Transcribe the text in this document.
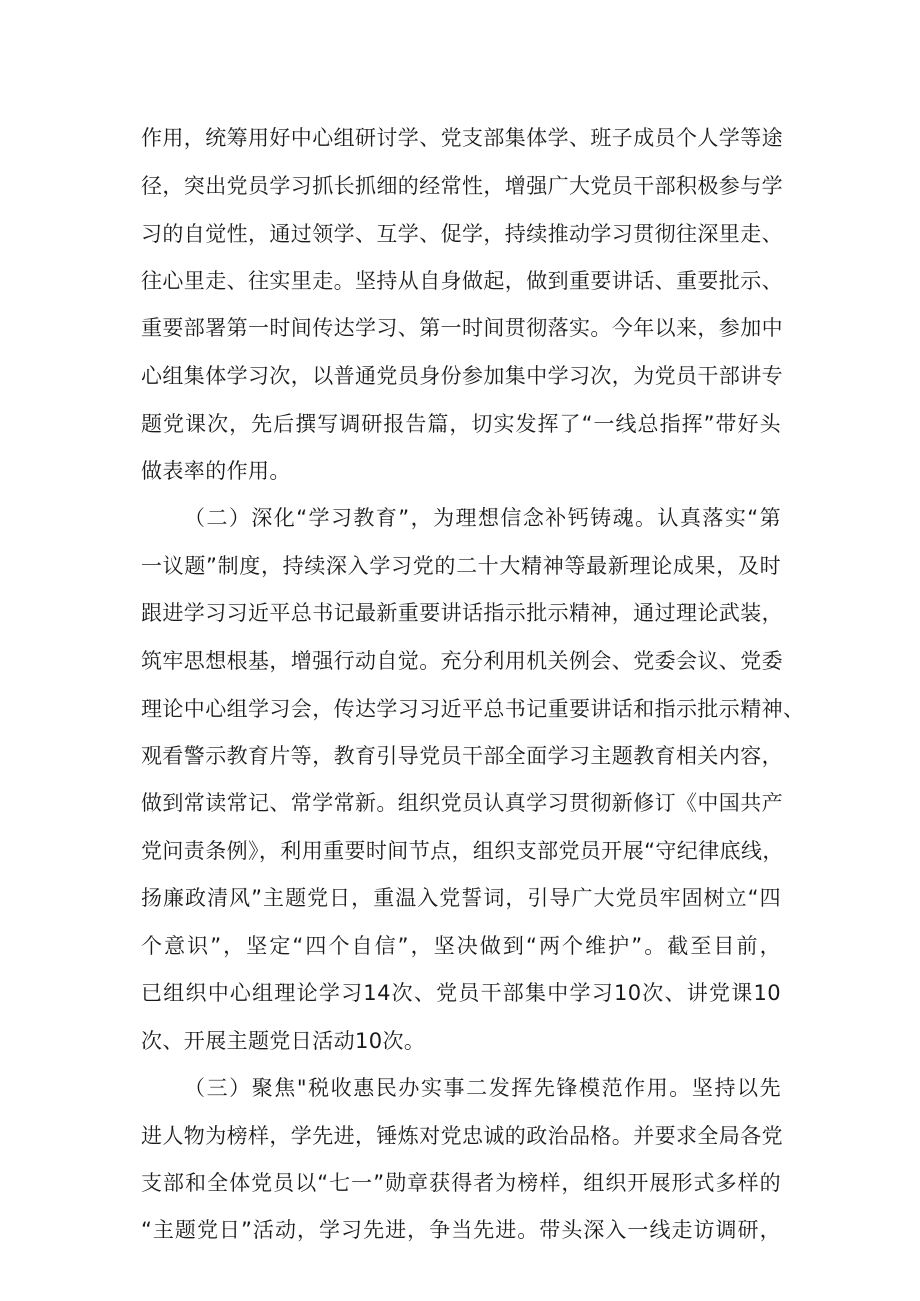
作用，统筹用好中心组研讨学、党支部集体学、班子成员个人学等途
径，突出党员学习抓长抓细的经常性，增强广大党员干部积极参与学
习的自觉性，通过领学、互学、促学，持续推动学习贯彻往深里走、
往心里走、往实里走。坚持从自身做起，做到重要讲话、重要批示、
重要部署第一时间传达学习、第一时间贯彻落实。今年以来，参加中
心组集体学习次，以普通党员身份参加集中学习次，为党员干部讲专
题党课次，先后撰写调研报告篇，切实发挥了“一线总指挥”带好头
做表率的作用。
（二）深化“学习教育”，为理想信念补钙铸魂。认真落实“第
一议题”制度，持续深入学习党的二十大精神等最新理论成果，及时
跟进学习习近平总书记最新重要讲话指示批示精神，通过理论武装，
筑牢思想根基，增强行动自觉。充分利用机关例会、党委会议、党委
理论中心组学习会，传达学习习近平总书记重要讲话和指示批示精神、
观看警示教育片等，教育引导党员干部全面学习主题教育相关内容，
做到常读常记、常学常新。组织党员认真学习贯彻新修订《中国共产
党问责条例》，利用重要时间节点，组织支部党员开展“守纪律底线，
扬廉政清风”主题党日，重温入党誓词，引导广大党员牢固树立“四
个意识”，坚定“四个自信”，坚决做到“两个维护”。截至目前，
已组织中心组理论学习14次、党员干部集中学习10次、讲党课10
次、开展主题党日活动10次。
（三）聚焦"税收惠民办实事二发挥先锋模范作用。坚持以先
进人物为榜样，学先进，锤炼对党忠诚的政治品格。并要求全局各党
支部和全体党员以“七一”勋章获得者为榜样，组织开展形式多样的
“主题党日”活动，学习先进，争当先进。带头深入一线走访调研，
